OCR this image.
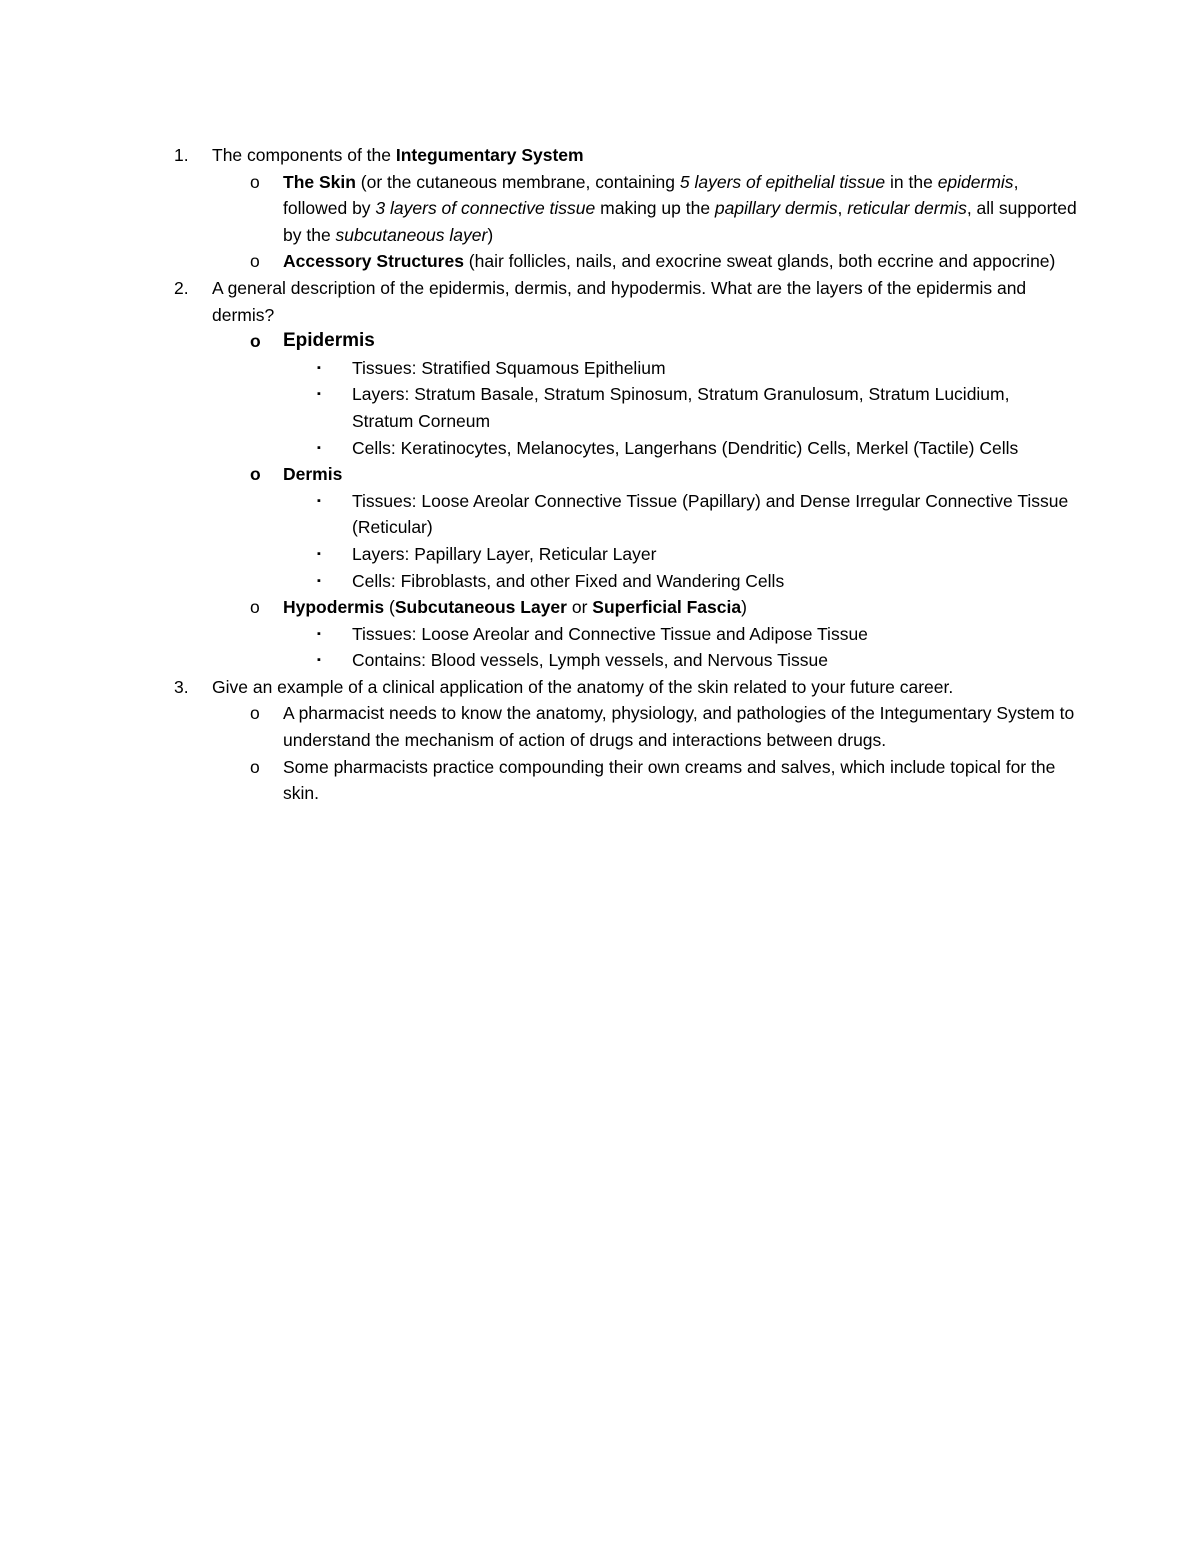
1. The components of the Integumentary System
o The Skin (or the cutaneous membrane, containing 5 layers of epithelial tissue in the epidermis, followed by 3 layers of connective tissue making up the papillary dermis, reticular dermis, all supported by the subcutaneous layer)
o Accessory Structures (hair follicles, nails, and exocrine sweat glands, both eccrine and appocrine)
2. A general description of the epidermis, dermis, and hypodermis. What are the layers of the epidermis and dermis?
o Epidermis
▪ Tissues: Stratified Squamous Epithelium
▪ Layers: Stratum Basale, Stratum Spinosum, Stratum Granulosum, Stratum Lucidium, Stratum Corneum
▪ Cells: Keratinocytes, Melanocytes, Langerhans (Dendritic) Cells, Merkel (Tactile) Cells
o Dermis
▪ Tissues: Loose Areolar Connective Tissue (Papillary) and Dense Irregular Connective Tissue (Reticular)
▪ Layers: Papillary Layer, Reticular Layer
▪ Cells: Fibroblasts, and other Fixed and Wandering Cells
o Hypodermis (Subcutaneous Layer or Superficial Fascia)
▪ Tissues: Loose Areolar and Connective Tissue and Adipose Tissue
▪ Contains: Blood vessels, Lymph vessels, and Nervous Tissue
3. Give an example of a clinical application of the anatomy of the skin related to your future career.
o A pharmacist needs to know the anatomy, physiology, and pathologies of the Integumentary System to understand the mechanism of action of drugs and interactions between drugs.
o Some pharmacists practice compounding their own creams and salves, which include topical for the skin.
